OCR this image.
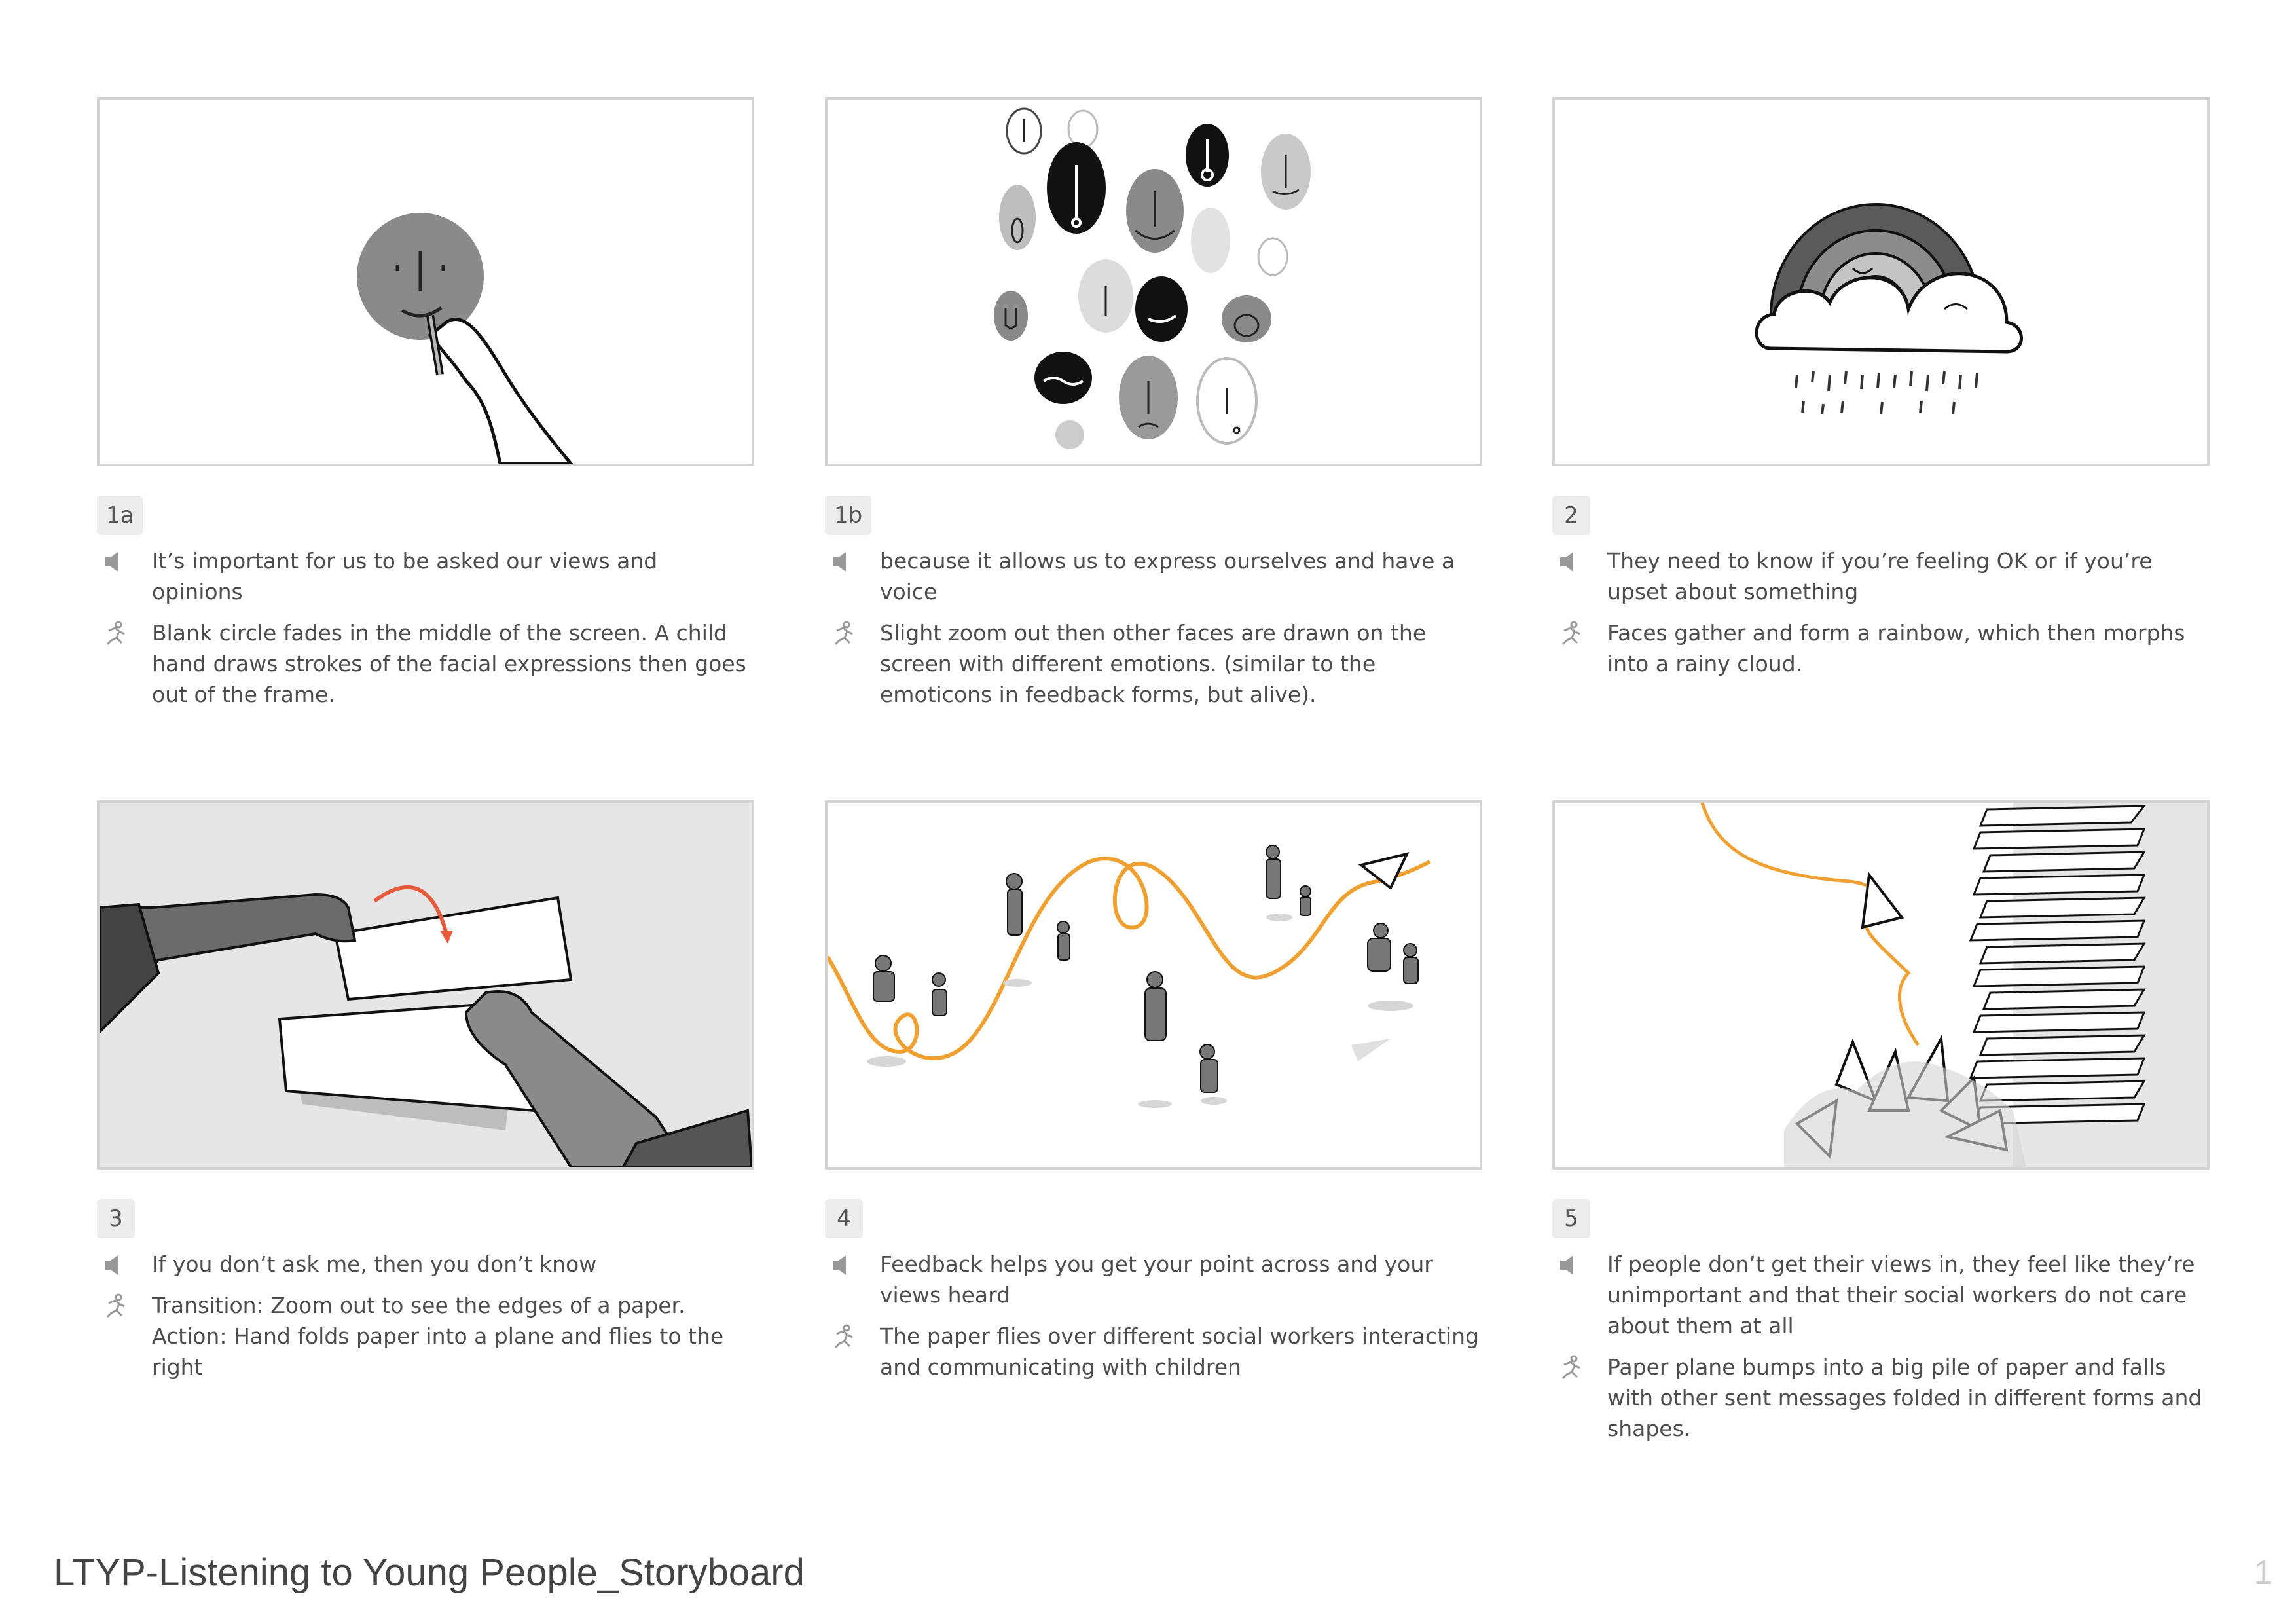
1a
It’s important for us to be asked our views and opinions
Blank circle fades in the middle of the screen. A child hand draws strokes of the facial expressions then goes out of the frame.
1b
because it allows us to express ourselves and have a voice
Slight zoom out then other faces are drawn on the screen with different emotions. (similar to the emoticons in feedback forms, but alive).
2
They need to know if you’re feeling OK or if you’re upset about something
Faces gather and form a rainbow, which then morphs into a rainy cloud.
3
If you don’t ask me, then you don’t know
Transition: Zoom out to see the edges of a paper.
Action: Hand folds paper into a plane and flies to the right
4
Feedback helps you get your point across and your views heard
The paper flies over different social workers interacting and communicating with children
5
If people don’t get their views in, they feel like they’re unimportant and that their social workers do not care about them at all
Paper plane bumps into a big pile of paper and falls with other sent messages folded in different forms and shapes.
LTYP-Listening to Young People_Storyboard	1
